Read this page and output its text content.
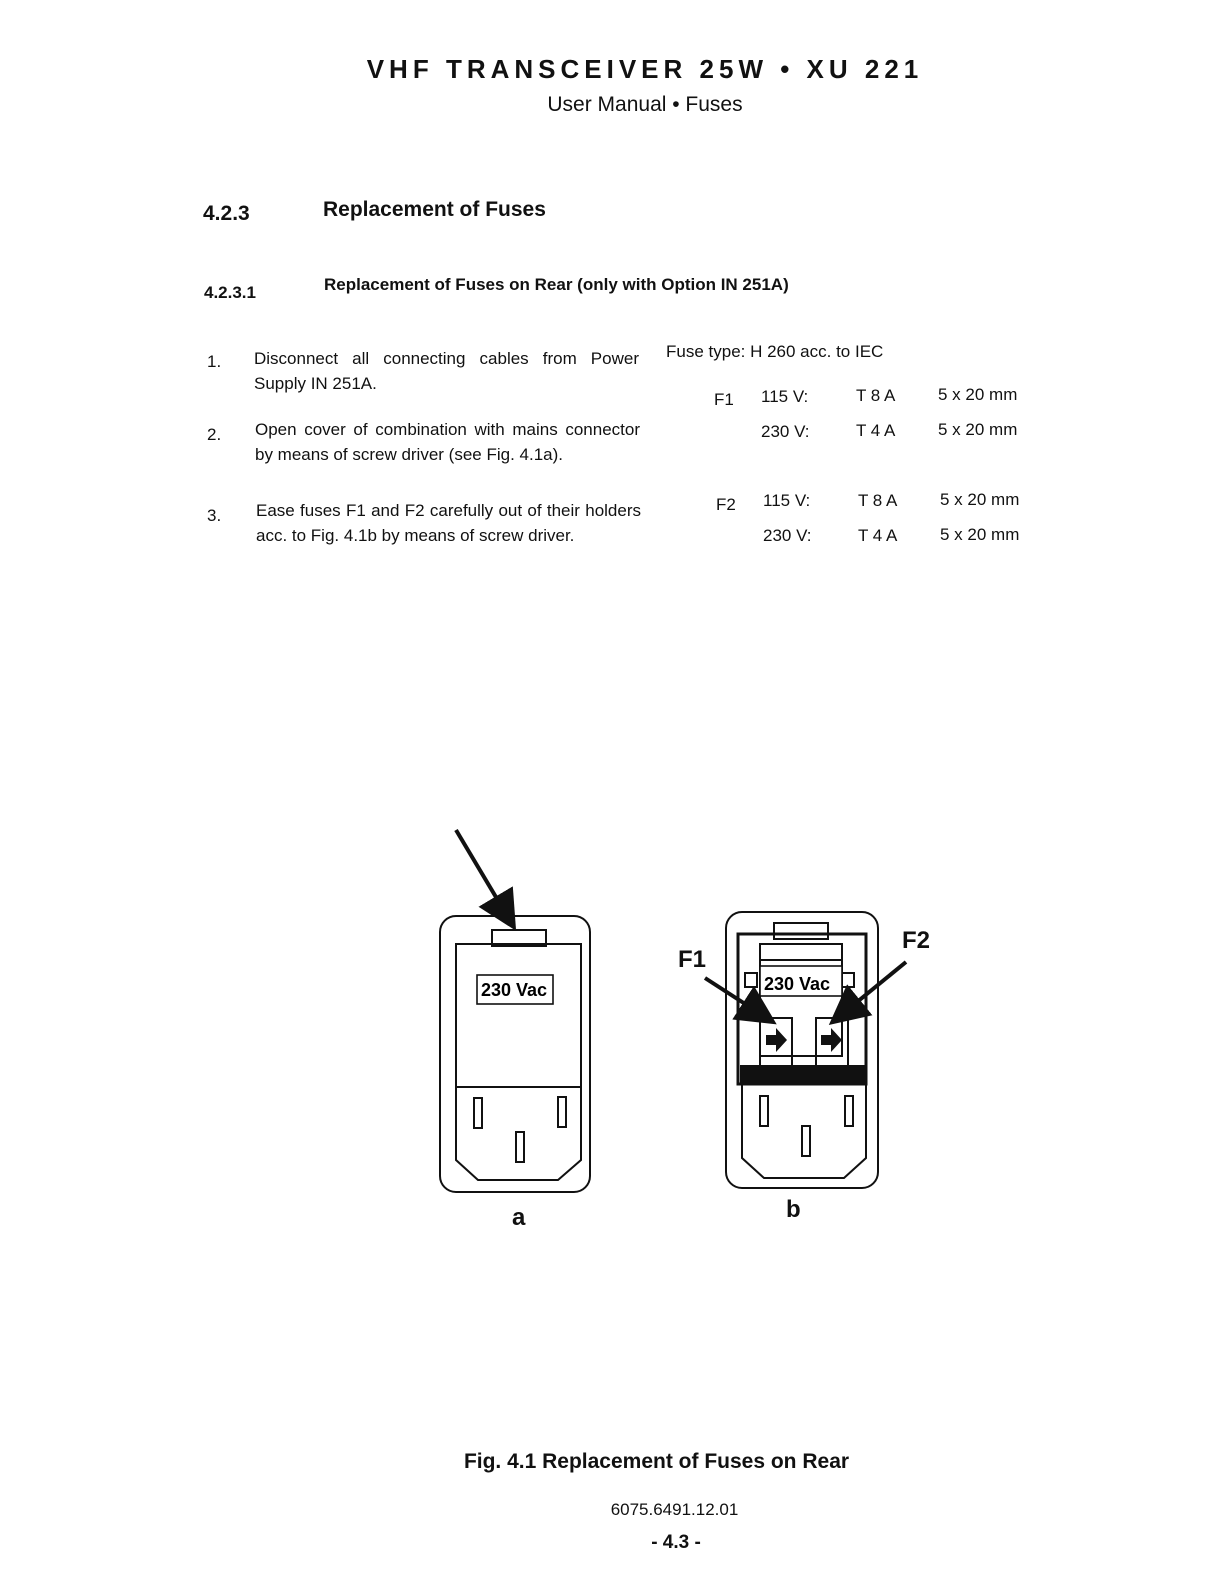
VHF TRANSCEIVER 25W • XU 221
User Manual • Fuses
4.2.3	Replacement of Fuses
4.2.3.1	Replacement of Fuses on Rear (only with Option IN 251A)
1. Disconnect all connecting cables from Power Supply IN 251A.
2. Open cover of combination with mains connector by means of screw driver (see Fig. 4.1a).
3. Ease fuses F1 and F2 carefully out of their holders acc. to Fig. 4.1b by means of screw driver.
Fuse type: H 260 acc. to IEC
F1 115 V:	T 8 A	5 x 20 mm
230 V:	T 4 A	5 x 20 mm
F2 115 V:	T 8 A	5 x 20 mm
230 V:	T 4 A	5 x 20 mm
230 Vac	230 Vac
F1
F2
a	b
Fig. 4.1 Replacement of Fuses on Rear
6075.6491.12.01
- 4.3 -
